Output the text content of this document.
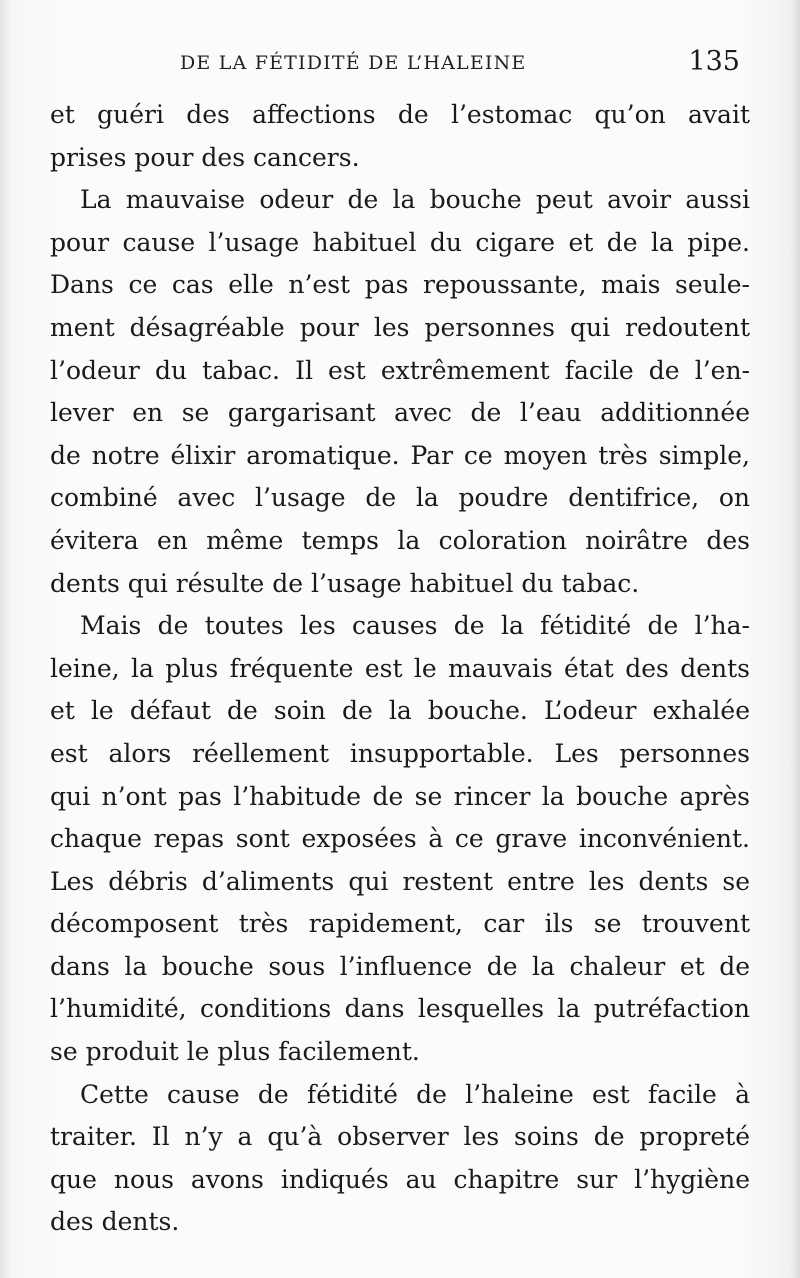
DE LA FÉTIDITÉ DE L’HALEINE	135
et guéri des affections de l’estomac qu’on avait
prises pour des cancers.
La mauvaise odeur de la bouche peut avoir aussi
pour cause l’usage habituel du cigare et de la pipe.
Dans ce cas elle n’est pas repoussante, mais seule-
ment désagréable pour les personnes qui redoutent
l’odeur du tabac. Il est extrêmement facile de l’en-
lever en se gargarisant avec de l’eau additionnée
de notre élixir aromatique. Par ce moyen très simple,
combiné avec l’usage de la poudre dentifrice, on
évitera en même temps la coloration noirâtre des
dents qui résulte de l’usage habituel du tabac.
Mais de toutes les causes de la fétidité de l’ha-
leine, la plus fréquente est le mauvais état des dents
et le défaut de soin de la bouche. L’odeur exhalée
est alors réellement insupportable. Les personnes
qui n’ont pas l’habitude de se rincer la bouche après
chaque repas sont exposées à ce grave inconvénient.
Les débris d’aliments qui restent entre les dents se
décomposent très rapidement, car ils se trouvent
dans la bouche sous l’influence de la chaleur et de
l’humidité, conditions dans lesquelles la putréfaction
se produit le plus facilement.
Cette cause de fétidité de l’haleine est facile à
traiter. Il n’y a qu’à observer les soins de propreté
que nous avons indiqués au chapitre sur l’hygiène
des dents.
